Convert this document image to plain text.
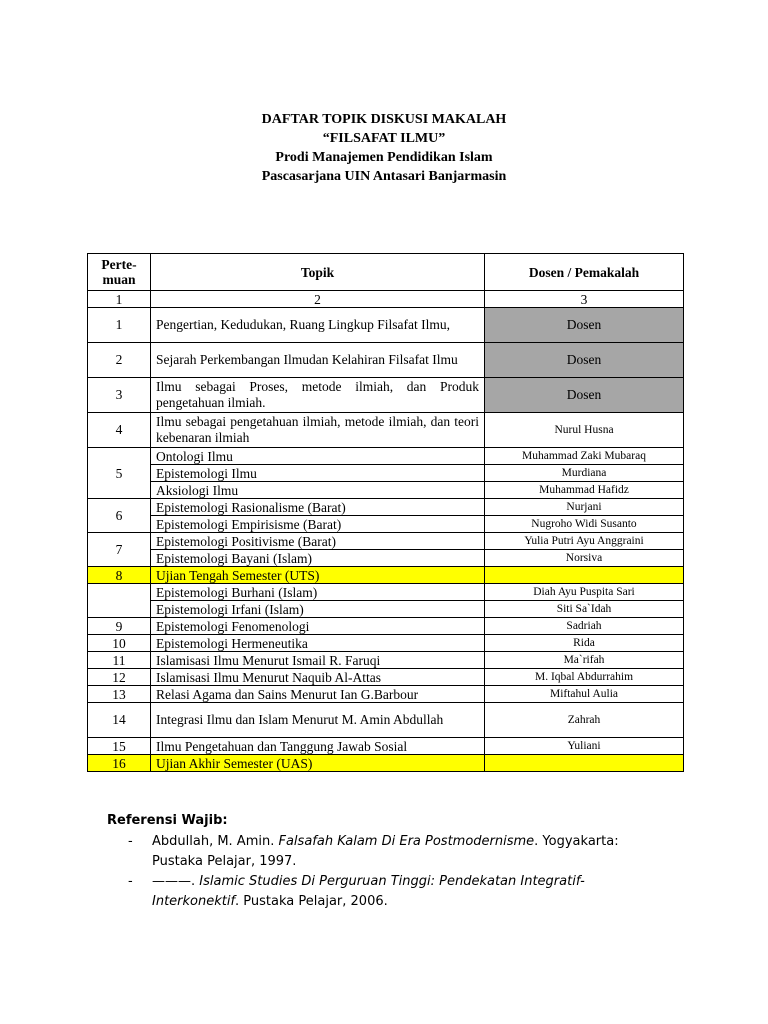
DAFTAR TOPIK DISKUSI MAKALAH
“FILSAFAT ILMU”
Prodi Manajemen Pendidikan Islam
Pascasarjana UIN Antasari Banjarmasin
Perte-muan	Topik	Dosen / Pemakalah
1	2	3
1	Pengertian, Kedudukan, Ruang Lingkup Filsafat Ilmu,	Dosen
2	Sejarah Perkembangan Ilmudan Kelahiran Filsafat Ilmu	Dosen
3	Ilmu sebagai Proses, metode ilmiah, dan Produk pengetahuan ilmiah.	Dosen
4	Ilmu sebagai pengetahuan ilmiah, metode ilmiah, dan teori kebenaran ilmiah	Nurul Husna
5	Ontologi Ilmu	Muhammad Zaki Mubaraq
	Epistemologi Ilmu	Murdiana
	Aksiologi Ilmu	Muhammad Hafidz
6	Epistemologi Rasionalisme (Barat)	Nurjani
	Epistemologi Empirisisme (Barat)	Nugroho Widi Susanto
7	Epistemologi Positivisme (Barat)	Yulia Putri Ayu Anggraini
	Epistemologi Bayani (Islam)	Norsiva
8	Ujian Tengah Semester (UTS)	
	Epistemologi Burhani (Islam)	Diah Ayu Puspita Sari
	Epistemologi Irfani (Islam)	Siti Sa`Idah
9	Epistemologi Fenomenologi	Sadriah
10	Epistemologi Hermeneutika	Rida
11	Islamisasi Ilmu Menurut Ismail R. Faruqi	Ma`rifah
12	Islamisasi Ilmu Menurut Naquib Al-Attas	M. Iqbal Abdurrahim
13	Relasi Agama dan Sains Menurut Ian G.Barbour	Miftahul Aulia
14	Integrasi Ilmu dan Islam Menurut M. Amin Abdullah	Zahrah
15	Ilmu Pengetahuan dan Tanggung Jawab Sosial	Yuliani
16	Ujian Akhir Semester (UAS)	
Referensi Wajib:
- Abdullah, M. Amin. Falsafah Kalam Di Era Postmodernisme. Yogyakarta: Pustaka Pelajar, 1997.
- ———. Islamic Studies Di Perguruan Tinggi: Pendekatan Integratif-Interkonektif. Pustaka Pelajar, 2006.
